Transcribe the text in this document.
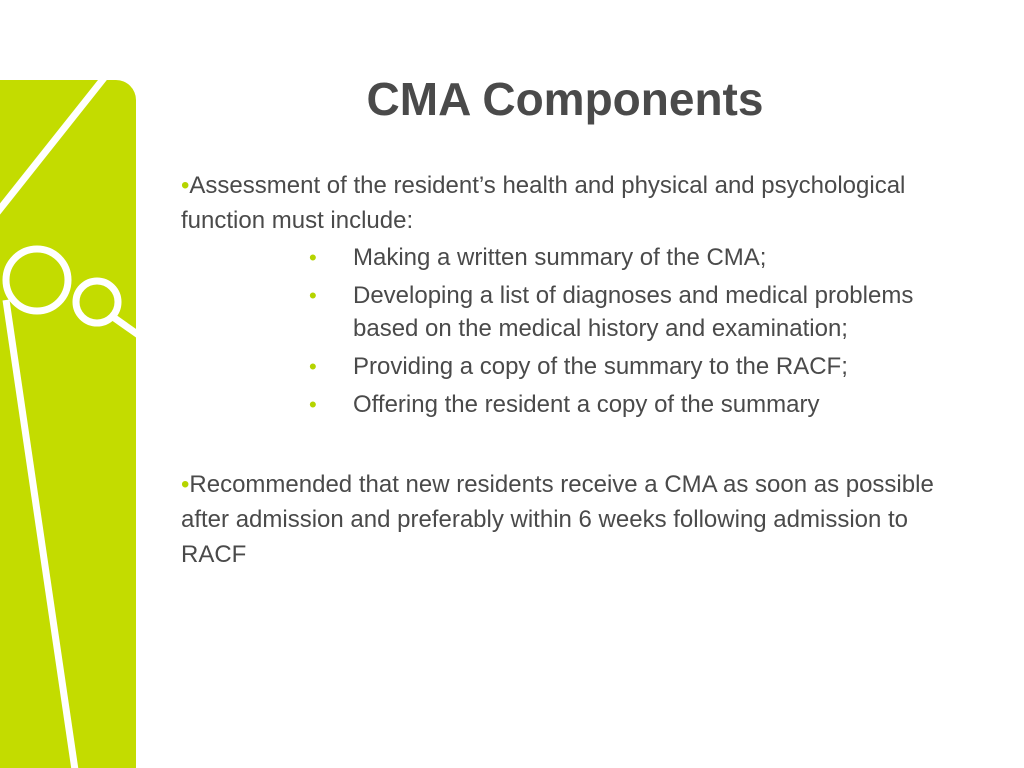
CMA Components

•Assessment of the resident’s health and physical and psychological function must include:

• Making a written summary of the CMA;
• Developing a list of diagnoses and medical problems based on the medical history and examination;
• Providing a copy of the summary to the RACF;
• Offering the resident a copy of the summary

•Recommended that new residents receive a CMA as soon as possible after admission and preferably within 6 weeks following admission to RACF
